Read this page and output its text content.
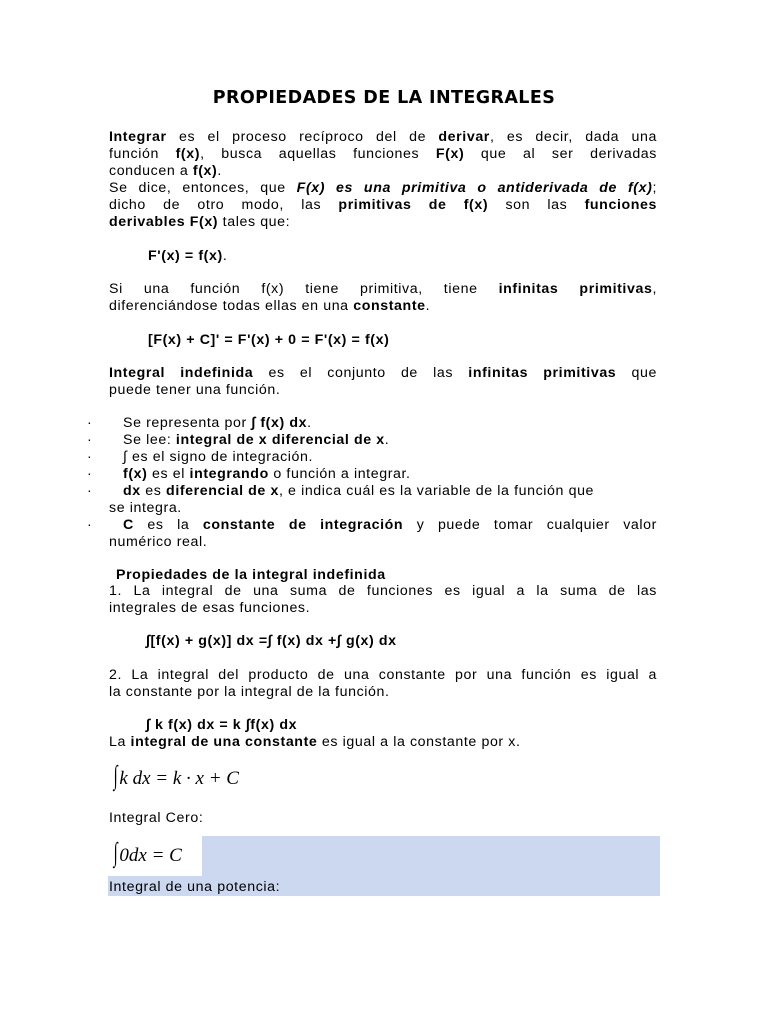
PROPIEDADES DE LA INTEGRALES
Integrar es el proceso recíproco del de derivar, es decir, dada una
función f(x), busca aquellas funciones F(x) que al ser derivadas
conducen a f(x).
Se dice, entonces, que F(x) es una primitiva o antiderivada de f(x);
dicho de otro modo, las primitivas de f(x) son las funciones
derivables F(x) tales que:
F'(x) = f(x).
Si una función f(x) tiene primitiva, tiene infinitas primitivas,
diferenciándose todas ellas en una constante.
[F(x) + C]' = F'(x) + 0 = F'(x) = f(x)
Integral indefinida es el conjunto de las infinitas primitivas que
puede tener una función.
·	Se representa por ∫ f(x) dx.
·	Se lee: integral de x diferencial de x.
·	∫ es el signo de integración.
·	f(x) es el integrando o función a integrar.
·	dx es diferencial de x, e indica cuál es la variable de la función que
se integra.
·	C es la constante de integración y puede tomar cualquier valor
numérico real.
Propiedades de la integral indefinida
1. La integral de una suma de funciones es igual a la suma de las
integrales de esas funciones.
∫[f(x) + g(x)] dx =∫ f(x) dx +∫ g(x) dx
2. La integral del producto de una constante por una función es igual a
la constante por la integral de la función.
∫ k f(x) dx = k ∫f(x) dx
La integral de una constante es igual a la constante por x.
∫k dx = k · x + C
Integral Cero:
∫0dx = C
Integral de una potencia:
